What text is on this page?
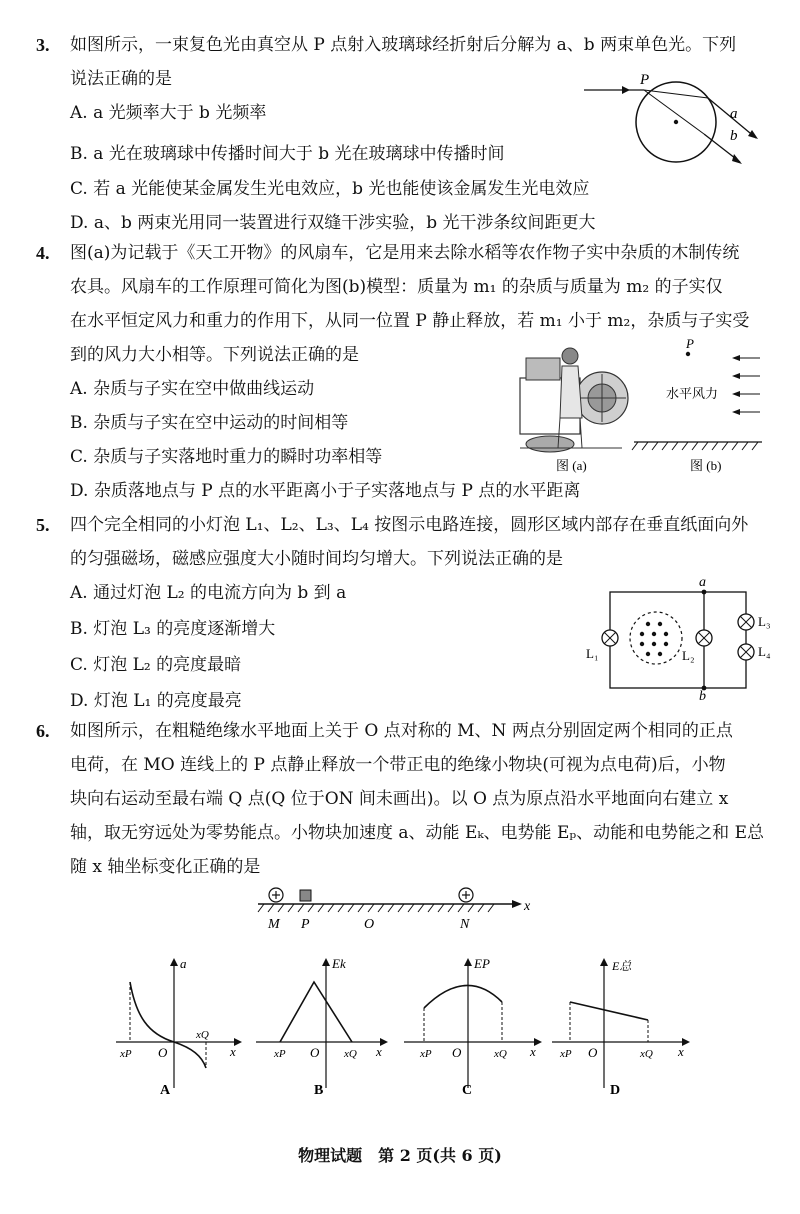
3. 如图所示，一束复色光由真空从 P 点射入玻璃球经折射后分解为 a、b 两束单色光。下列
说法正确的是
A. a 光频率大于 b 光频率
B. a 光在玻璃球中传播时间大于 b 光在玻璃球中传播时间
C. 若 a 光能使某金属发生光电效应，b 光也能使该金属发生光电效应
D. a、b 两束光用同一装置进行双缝干涉实验，b 光干涉条纹间距更大
P
a
b
4. 图(a)为记载于《天工开物》的风扇车，它是用来去除水稻等农作物子实中杂质的木制传统
农具。风扇车的工作原理可简化为图(b)模型：质量为 m₁ 的杂质与质量为 m₂ 的子实仅
在水平恒定风力和重力的作用下，从同一位置 P 静止释放，若 m₁ 小于 m₂，杂质与子实受
到的风力大小相等。下列说法正确的是
A. 杂质与子实在空中做曲线运动
B. 杂质与子实在空中运动的时间相等
C. 杂质与子实落地时重力的瞬时功率相等
D. 杂质落地点与 P 点的水平距离小于子实落地点与 P 点的水平距离
图 (a)
P
水平风力
图 (b)
5. 四个完全相同的小灯泡 L₁、L₂、L₃、L₄ 按图示电路连接，圆形区域内部存在垂直纸面向外
的匀强磁场，磁感应强度大小随时间均匀增大。下列说法正确的是
A. 通过灯泡 L₂ 的电流方向为 b 到 a
B. 灯泡 L₃ 的亮度逐渐增大
C. 灯泡 L₂ 的亮度最暗
D. 灯泡 L₁ 的亮度最亮
a
b
L₁	L₂
L₃
L₄
6. 如图所示，在粗糙绝缘水平地面上关于 O 点对称的 M、N 两点分别固定两个相同的正点
电荷，在 MO 连线上的 P 点静止释放一个带正电的绝缘小物块(可视为点电荷)后，小物
块向右运动至最右端 Q 点(Q 位于ON 间未画出)。以 O 点为原点沿水平地面向右建立 x
轴，取无穷远处为零势能点。小物块加速度 a、动能 Eₖ、电势能 Eₚ、动能和电势能之和 E总
随 x 轴坐标变化正确的是
M P	O	N
x
a
x
O
xP
xQ
A
Ek
x
O
xP	xQ
B
EP
x
O
xP	xQ
C
E总
x
O
xP	xQ
D
物理试题　第 2 页(共 6 页)
